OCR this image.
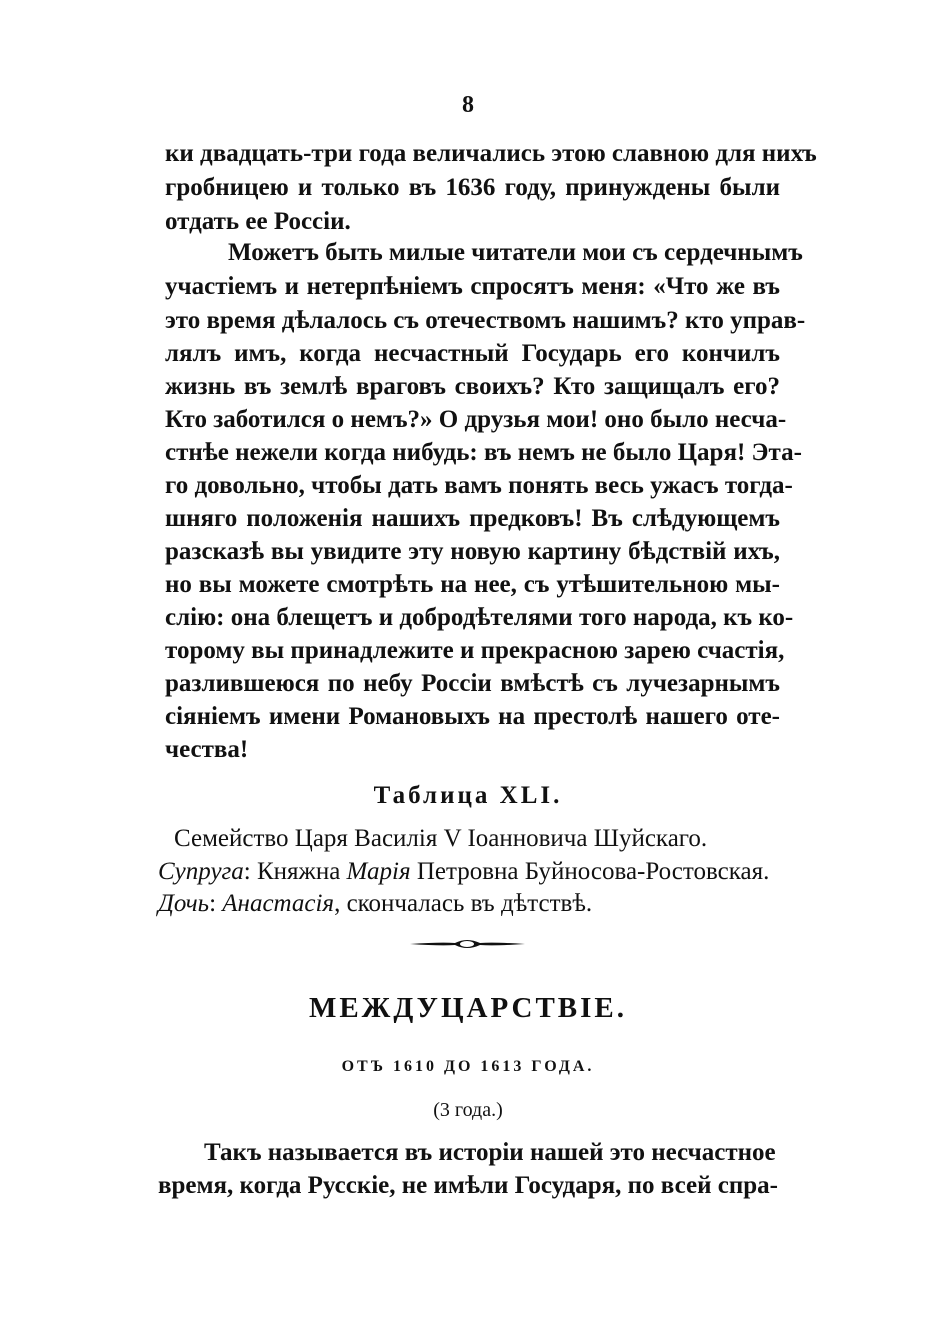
8
ки двадцать-три года величались этою славною для нихъ
гробницею и только въ 1636 году, принуждены были
отдать ее Россіи.
Можетъ быть милые читатели мои съ сердечнымъ
участіемъ и нетерпѣніемъ спросятъ меня: «Что же въ
это время дѣлалось съ отечествомъ нашимъ? кто управ-
лялъ имъ, когда несчастный Государь его кончилъ
жизнь въ землѣ враговъ своихъ? Кто защищалъ его?
Кто заботился о немъ?» О друзья мои! оно было несча-
стнѣе нежели когда нибудь: въ немъ не было Царя! Эта-
го довольно, чтобы дать вамъ понять весь ужасъ тогда-
шняго положенія нашихъ предковъ! Въ слѣдующемъ
разсказѣ вы увидите эту новую картину бѣдствій ихъ,
но вы можете смотрѣть на нее, съ утѣшительною мы-
слію: она блещетъ и добродѣтелями того народа, къ ко-
торому вы принадлежите и прекрасною зарею счастія,
разлившеюся по небу Россіи вмѣстѣ съ лучезарнымъ
сіяніемъ имени Романовыхъ на престолѣ нашего оте-
чества!
Таблица XLI.
Семейство Царя Василія V Іоанновича Шуйскаго.
Супруга: Княжна Марія Петровна Буйносова-Ростовская.
Дочь: Анастасія, скончалась въ дѣтствѣ.
МЕЖДУЦАРСТВІЕ.
ОТЪ 1610 ДО 1613 ГОДА.
(3 года.)
Такъ называется въ исторіи нашей это несчастное
время, когда Русскіе, не имѣли Государя, по всей спра-
